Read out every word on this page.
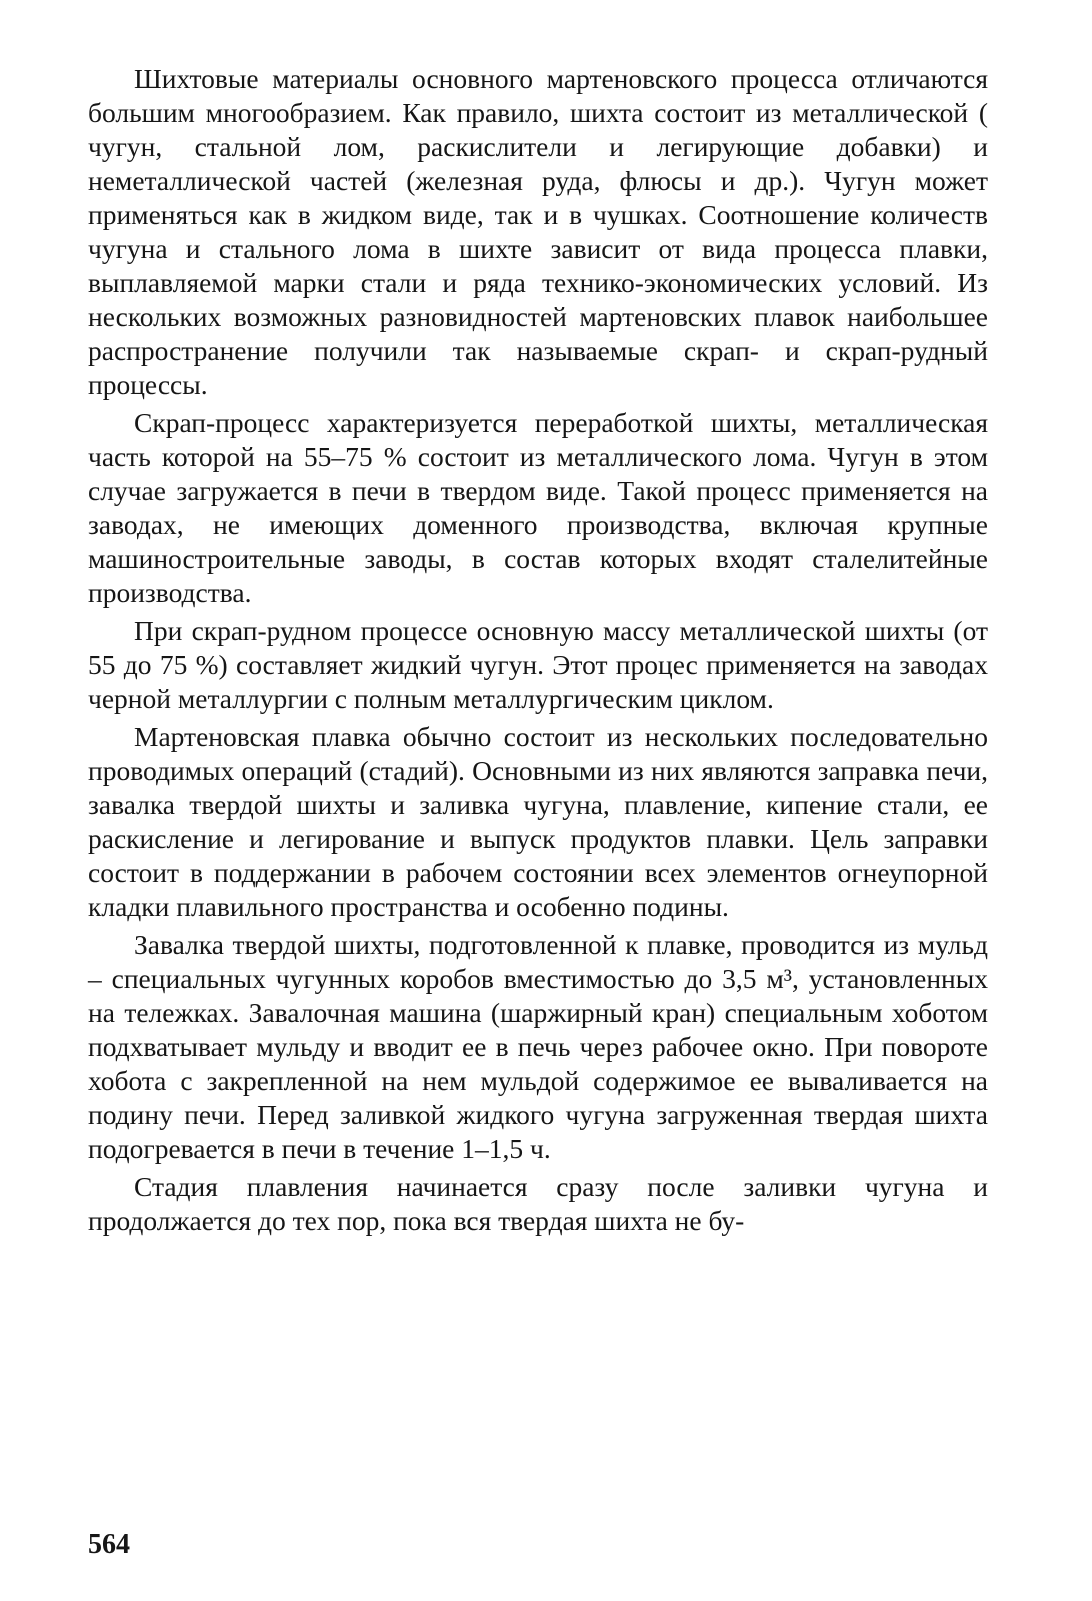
Шихтовые материалы основного мартеновского процесса отличаются большим многообразием. Как правило, шихта состоит из металлической ( чугун, стальной лом, раскислители и легирующие добавки) и неметаллической частей (железная руда, флюсы и др.). Чугун может применяться как в жидком виде, так и в чушках. Соотношение количеств чугуна и стального лома в шихте зависит от вида процесса плавки, выплавляемой марки стали и ряда технико-экономических условий. Из нескольких возможных разновидностей мартеновских плавок наибольшее распространение получили так называемые скрап- и скрап-рудный процессы.

Скрап-процесс характеризуется переработкой шихты, металлическая часть которой на 55–75 % состоит из металлического лома. Чугун в этом случае загружается в печи в твердом виде. Такой процесс применяется на заводах, не имеющих доменного производства, включая крупные машиностроительные заводы, в состав которых входят сталелитейные производства.

При скрап-рудном процессе основную массу металлической шихты (от 55 до 75 %) составляет жидкий чугун. Этот процес применяется на заводах черной металлургии с полным металлургическим циклом.

Мартеновская плавка обычно состоит из нескольких последовательно проводимых операций (стадий). Основными из них являются заправка печи, завалка твердой шихты и заливка чугуна, плавление, кипение стали, ее раскисление и легирование и выпуск продуктов плавки. Цель заправки состоит в поддержании в рабочем состоянии всех элементов огнеупорной кладки плавильного пространства и особенно подины.

Завалка твердой шихты, подготовленной к плавке, проводится из мульд – специальных чугунных коробов вместимостью до 3,5 м³, установленных на тележках. Завалочная машина (шаржирный кран) специальным хоботом подхватывает мульду и вводит ее в печь через рабочее окно. При повороте хобота с закрепленной на нем мульдой содержимое ее вываливается на подину печи. Перед заливкой жидкого чугуна загруженная твердая шихта подогревается в печи в течение 1–1,5 ч.

Стадия плавления начинается сразу после заливки чугуна и продолжается до тех пор, пока вся твердая шихта не бу-

564
